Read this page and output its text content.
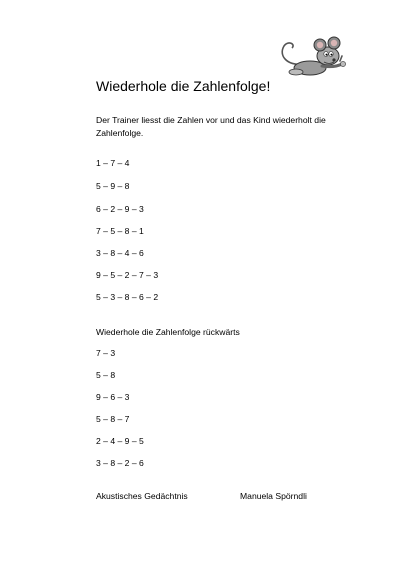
Wiederhole die Zahlenfolge!
Der Trainer liesst die Zahlen vor und das Kind wiederholt die Zahlenfolge.
1 – 7 – 4
5 – 9 – 8
6 – 2 – 9 – 3
7 – 5 – 8 – 1
3 – 8 – 4 – 6
9 – 5 – 2 – 7 – 3
5 – 3 – 8 – 6 – 2
Wiederhole die Zahlenfolge rückwärts
7 – 3
5 – 8
9 – 6 – 3
5 – 8 – 7
2 – 4 – 9 – 5
3 – 8 – 2 – 6
Akustisches Gedächtnis	Manuela Spörndli
